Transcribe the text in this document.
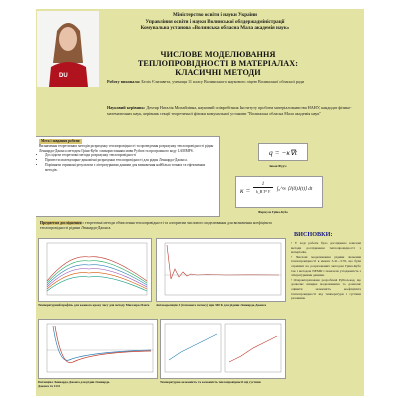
Міністерство освіти і науки України
Управління освіти і науки Волинської облдержадміністрації
Комунальна установа «Волинська обласна Мала академія наук»
DU
ЧИСЛОВЕ МОДЕЛЮВАННЯ
ТЕПЛОПРОВІДНОСТІ В МАТЕРІАЛАХ:
КЛАСИЧНІ МЕТОДИ
Роботу виконала: Беліх Єлизавета, учениця 11 класу Волинського наукового ліцею Волинської обласної ради
Науковий керівник: Дехтяр Наталія Михайлівна, науковий співробітник Інституту проблем матеріалознавства НАНУ, кандидат фізико-математичних наук, керівник секції теоретичної фізики комунальної установи "Волинська обласна Мала академія наук"
Мета і завдання роботи:
Визначення теоретичних методів розрахунку теплопровідності та проведення розрахунку теплопровідності рідин Леннарда-Джонса методом Гріна-Кубо з використанням мови Python та програмного коду LAMMPS.
• Дослідити теоретичні методи розрахунку теплопровідності
• Провести молекулярно-динамічні розрахунки теплопровідності для рідин Леннарда-Джонса.
• Порівняти отримані результати з літературними даними для визначення найбільш точних та ефективних методів.
q = −κ∇t
Закон Фур'є
κ =
1
k_B T² V	∫₀^∞ ⟨J(0)J(t)⟩ dt
Формула Гріна-Кубо
Предметом дослідження є теоретичні методи обчислення теплопровідності та алгоритми числового моделювання для визначення коефіцієнта теплопровідності рідини Леннарда-Джонса.
Температурний профіль для кожного кроку часу для методу Мюллера-Плате Автокореляція J (теплового потоку) при 300 К для рідини Леннарда-Джонса
Потенціал Леннарда-Джонса для рідин Леннарда-Джонса та CO2
Температурна залежність та залежність теплопровідності від густини
ВИСНОВКИ:
• У ході роботи було досліджено ключові методи дослідження теплопровідності з матеріалів.
• Числові моделювання рідини значення теплопровідності в межах 3.41...3.76, що були отримані на розрахованих методом Гріна-Кубо так і методом NEMD і показали узгодженість з літературними даними.
• Охарактеризовано розроблені Python-код, що дозволяє швидке моделювання та дозволяє оцінити залежність коефіцієнта теплопровідності від температури і густини речовини.
